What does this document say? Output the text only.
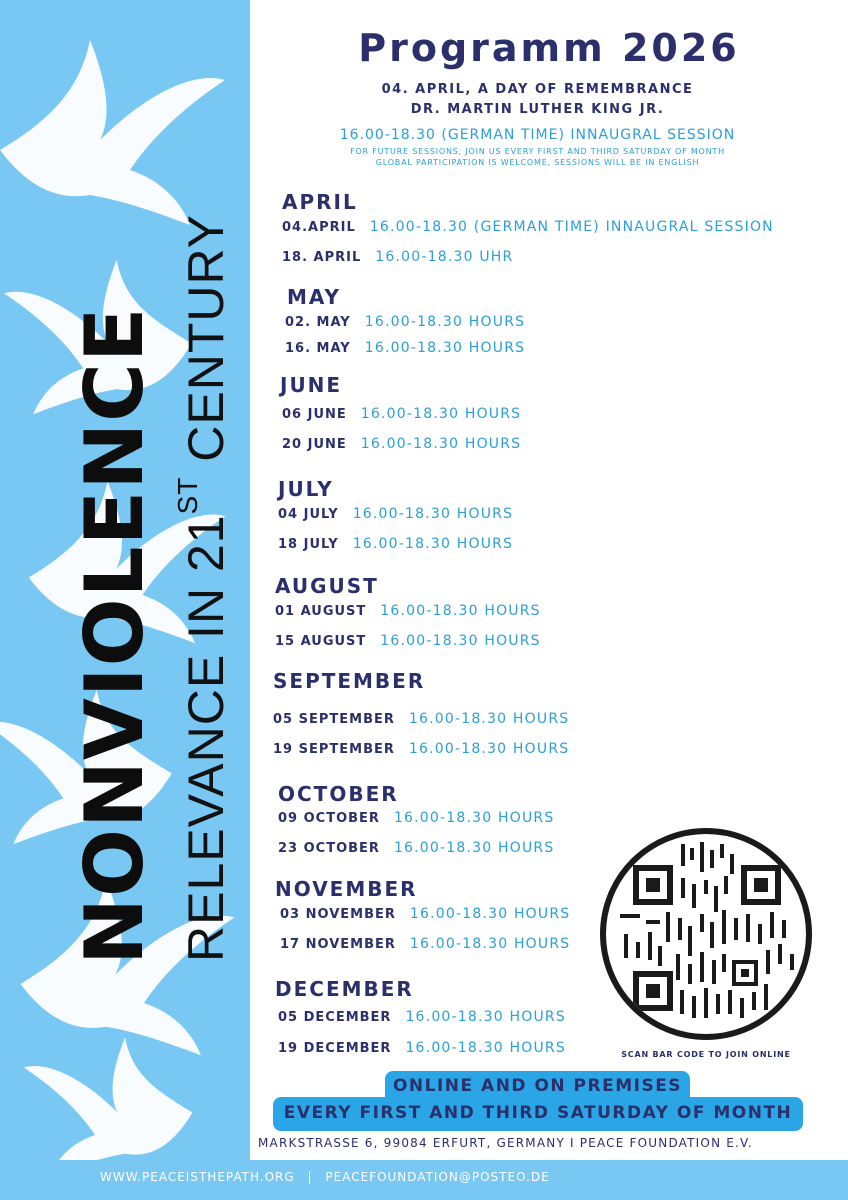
NONVIOLENCE RELEVANCE IN 21ST CENTURY
Programm 2026
04. APRIL, A DAY OF REMEMBRANCE
DR. MARTIN LUTHER KING JR.
16.00-18.30 (GERMAN TIME) INNAUGRAL SESSION
FOR FUTURE SESSIONS, JOIN US EVERY FIRST AND THIRD SATURDAY OF MONTH
GLOBAL PARTICIPATION IS WELCOME, SESSIONS WILL BE IN ENGLISH
APRIL
04.APRIL 16.00-18.30 (GERMAN TIME) INNAUGRAL SESSION
18. APRIL 16.00-18.30 UHR
MAY
02. MAY 16.00-18.30 HOURS
16. MAY 16.00-18.30 HOURS
JUNE
06 JUNE 16.00-18.30 HOURS
20 JUNE 16.00-18.30 HOURS
JULY
04 JULY 16.00-18.30 HOURS
18 JULY 16.00-18.30 HOURS
AUGUST
01 AUGUST 16.00-18.30 HOURS
15 AUGUST 16.00-18.30 HOURS
SEPTEMBER
05 SEPTEMBER 16.00-18.30 HOURS
19 SEPTEMBER 16.00-18.30 HOURS
OCTOBER
09 OCTOBER 16.00-18.30 HOURS
23 OCTOBER 16.00-18.30 HOURS
NOVEMBER
03 NOVEMBER 16.00-18.30 HOURS
17 NOVEMBER 16.00-18.30 HOURS
DECEMBER
05 DECEMBER 16.00-18.30 HOURS
19 DECEMBER 16.00-18.30 HOURS	SCAN BAR CODE TO JOIN ONLINE
ONLINE AND ON PREMISES
EVERY FIRST AND THIRD SATURDAY OF MONTH
MARKSTRASSE 6, 99084 ERFURT, GERMANY I PEACE FOUNDATION E.V.
WWW.PEACEISTHEPATH.ORG | PEACEFOUNDATION@POSTEO.DE
